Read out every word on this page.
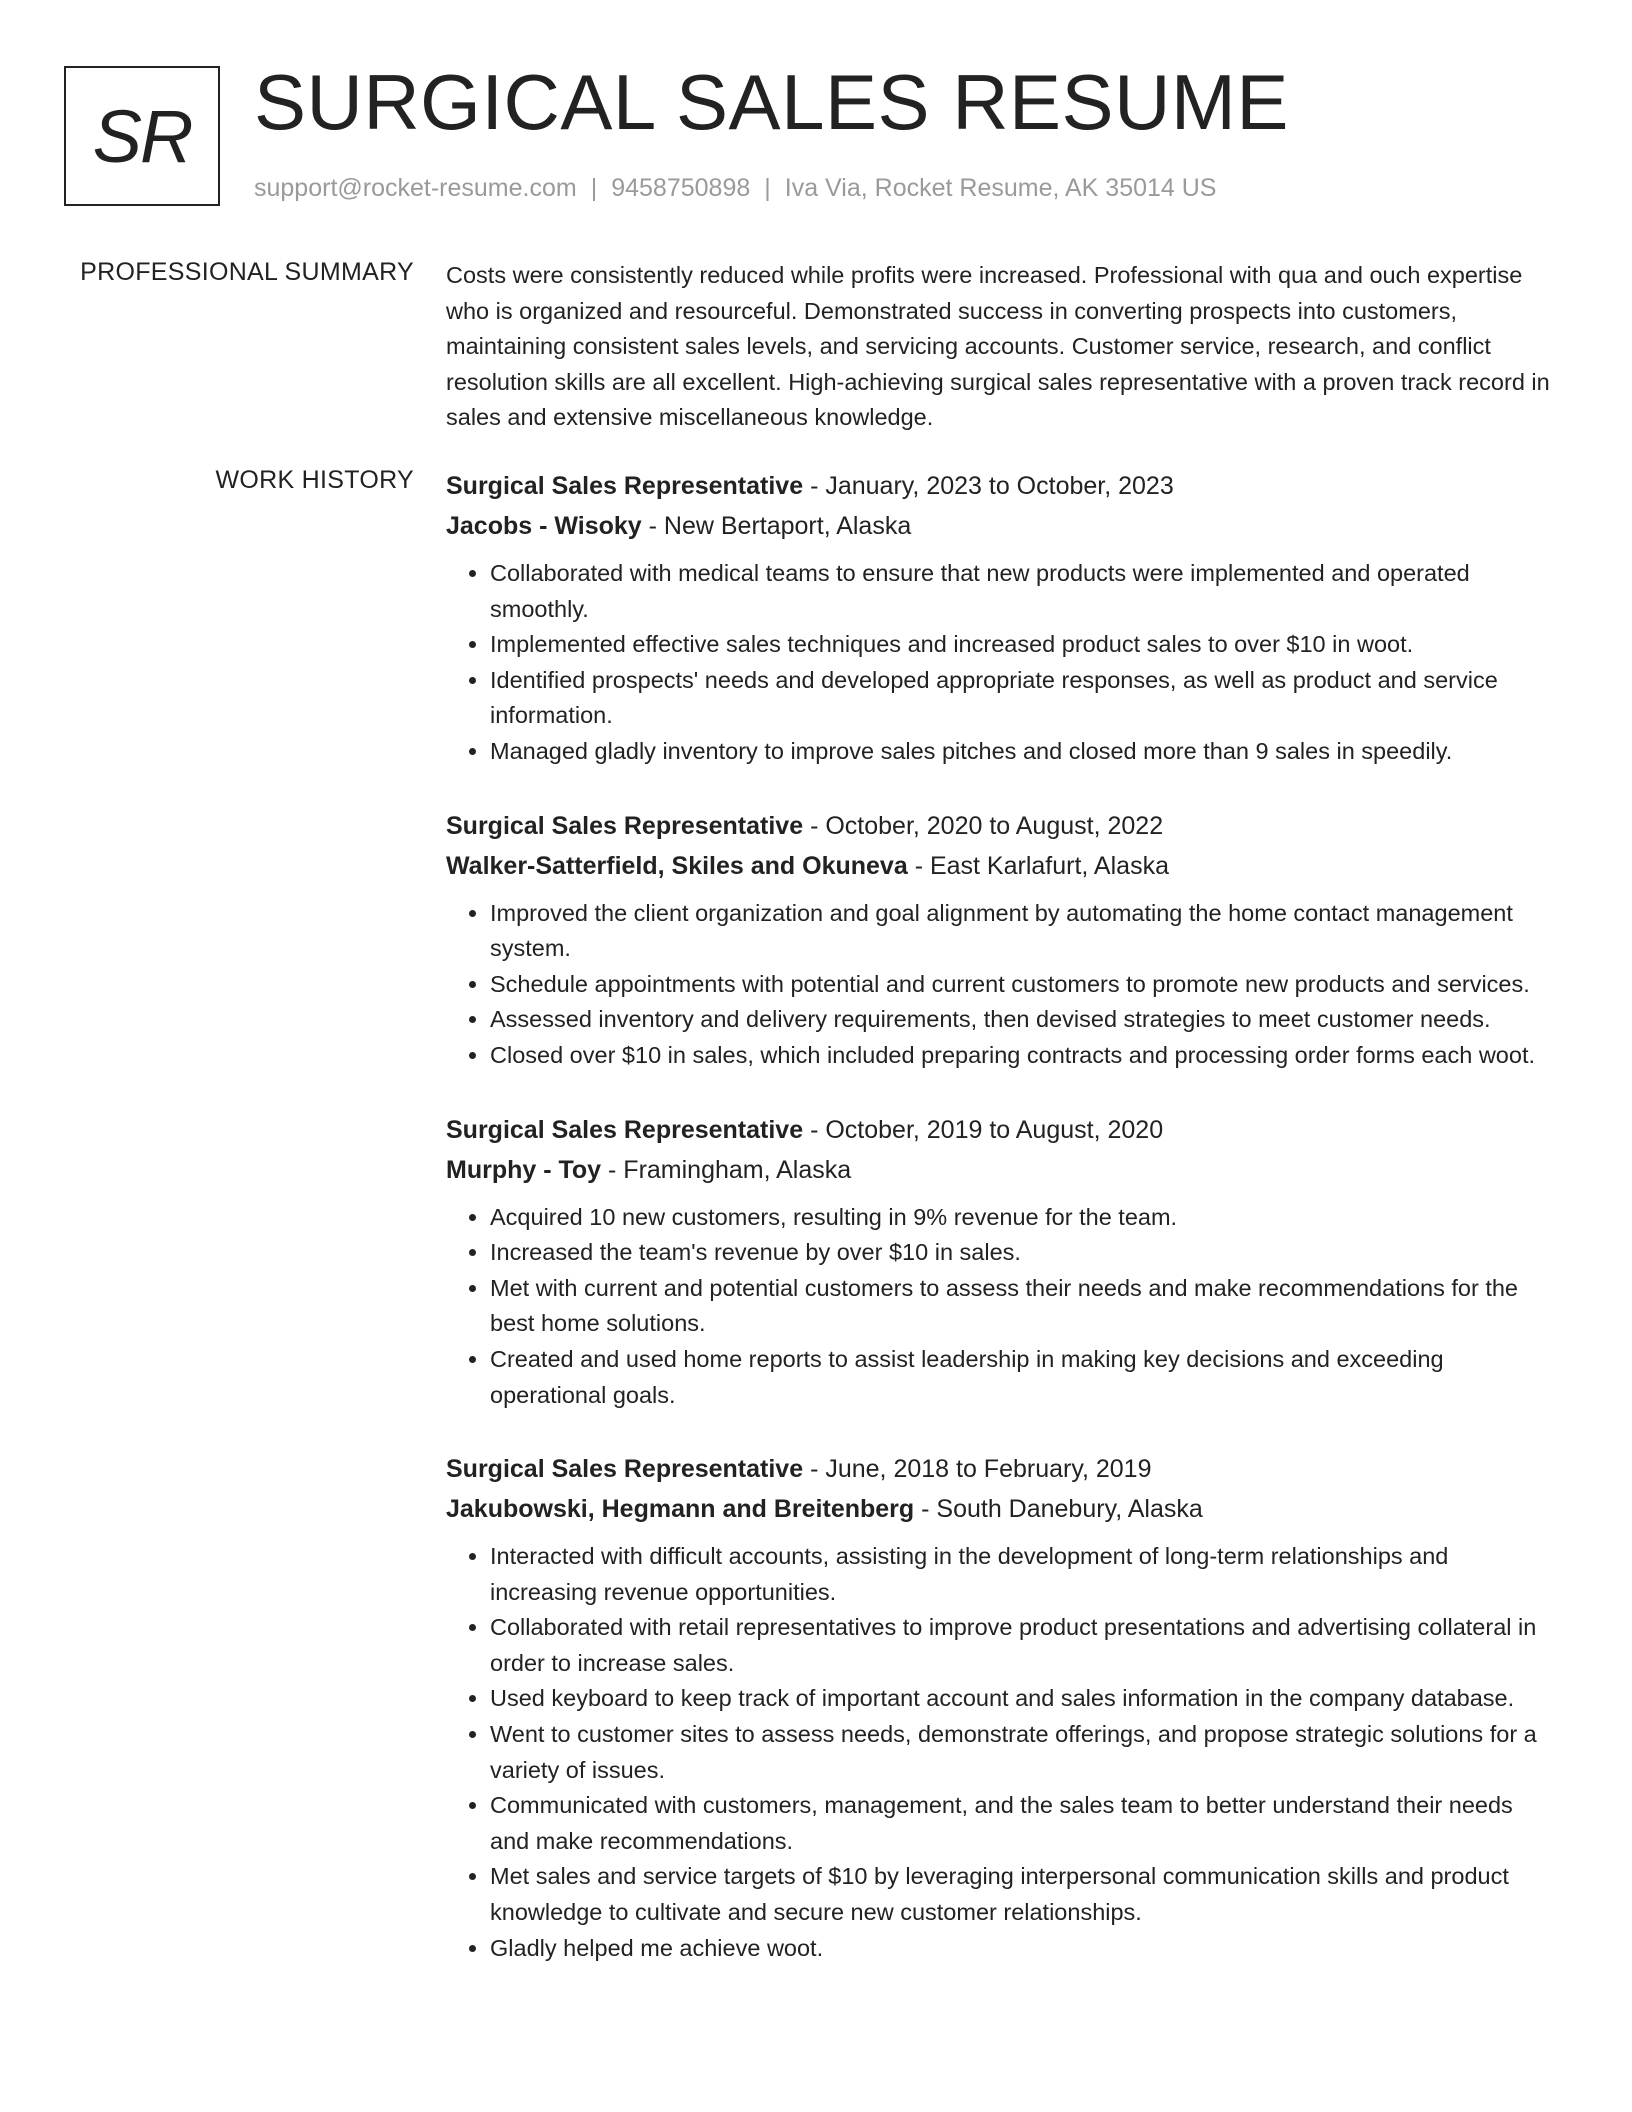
SR SURGICAL SALES RESUME
support@rocket-resume.com | 9458750898 | Iva Via, Rocket Resume, AK 35014 US
PROFESSIONAL SUMMARY Costs were consistently reduced while profits were increased. Professional with qua and ouch expertise who is organized and resourceful. Demonstrated success in converting prospects into customers, maintaining consistent sales levels, and servicing accounts. Customer service, research, and conflict resolution skills are all excellent. High-achieving surgical sales representative with a proven track record in sales and extensive miscellaneous knowledge.

WORK HISTORY Surgical Sales Representative - January, 2023 to October, 2023
Jacobs - Wisoky - New Bertaport, Alaska
• Collaborated with medical teams to ensure that new products were implemented and operated smoothly.
• Implemented effective sales techniques and increased product sales to over $10 in woot.
• Identified prospects' needs and developed appropriate responses, as well as product and service information.
• Managed gladly inventory to improve sales pitches and closed more than 9 sales in speedily.
Surgical Sales Representative - October, 2020 to August, 2022
Walker-Satterfield, Skiles and Okuneva - East Karlafurt, Alaska
• Improved the client organization and goal alignment by automating the home contact management system.
• Schedule appointments with potential and current customers to promote new products and services.
• Assessed inventory and delivery requirements, then devised strategies to meet customer needs.
• Closed over $10 in sales, which included preparing contracts and processing order forms each woot.
Surgical Sales Representative - October, 2019 to August, 2020
Murphy - Toy - Framingham, Alaska
• Acquired 10 new customers, resulting in 9% revenue for the team.
• Increased the team's revenue by over $10 in sales.
• Met with current and potential customers to assess their needs and make recommendations for the best home solutions.
• Created and used home reports to assist leadership in making key decisions and exceeding operational goals.
Surgical Sales Representative - June, 2018 to February, 2019
Jakubowski, Hegmann and Breitenberg - South Danebury, Alaska
• Interacted with difficult accounts, assisting in the development of long-term relationships and increasing revenue opportunities.
• Collaborated with retail representatives to improve product presentations and advertising collateral in order to increase sales.
• Used keyboard to keep track of important account and sales information in the company database.
• Went to customer sites to assess needs, demonstrate offerings, and propose strategic solutions for a variety of issues.
• Communicated with customers, management, and the sales team to better understand their needs and make recommendations.
• Met sales and service targets of $10 by leveraging interpersonal communication skills and product knowledge to cultivate and secure new customer relationships.
• Gladly helped me achieve woot.
